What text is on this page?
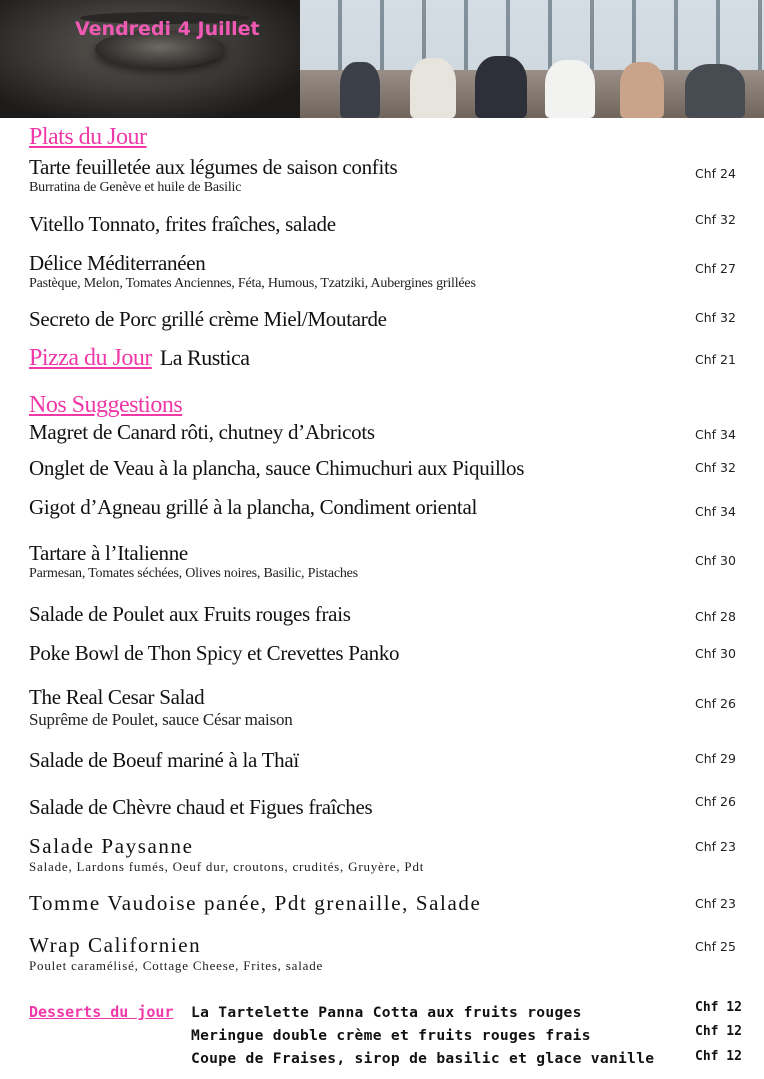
Vendredi 4 Juillet
Plats du Jour
Tarte feuilletée aux légumes de saison confits
Burratina de Genève et huile de Basilic
Chf 24
Vitello Tonnato, frites fraîches, salade	Chf 32
Délice Méditerranéen
Pastèque, Melon, Tomates Anciennes, Féta, Humous, Tzatziki, Aubergines grillées
Chf 27
Secreto de Porc grillé crème Miel/Moutarde	Chf 32
Pizza du Jour La Rustica	Chf 21
Nos Suggestions
Magret de Canard rôti, chutney d’Abricots	Chf 34
Onglet de Veau à la plancha, sauce Chimuchuri aux Piquillos	Chf 32
Gigot d’Agneau grillé à la plancha, Condiment oriental	Chf 34
Tartare à l’Italienne
Parmesan, Tomates séchées, Olives noires, Basilic, Pistaches
Chf 30
Salade de Poulet aux Fruits rouges frais	Chf 28
Poke Bowl de Thon Spicy et Crevettes Panko	Chf 30
The Real Cesar Salad
Suprême de Poulet, sauce César maison
Chf 26
Salade de Boeuf mariné à la Thaï	Chf 29
Salade de Chèvre chaud et Figues fraîches	Chf 26
Salade Paysanne
Salade, Lardons fumés, Oeuf dur, croutons, crudités, Gruyère, Pdt
Chf 23
Tomme Vaudoise panée, Pdt grenaille, Salade	Chf 23
Wrap Californien
Poulet caramélisé, Cottage Cheese, Frites, salade
Chf 25
Desserts du jour La Tartelette Panna Cotta aux fruits rouges	Chf 12
Meringue double crème et fruits rouges frais	Chf 12
Coupe de Fraises, sirop de basilic et glace vanille	Chf 12
